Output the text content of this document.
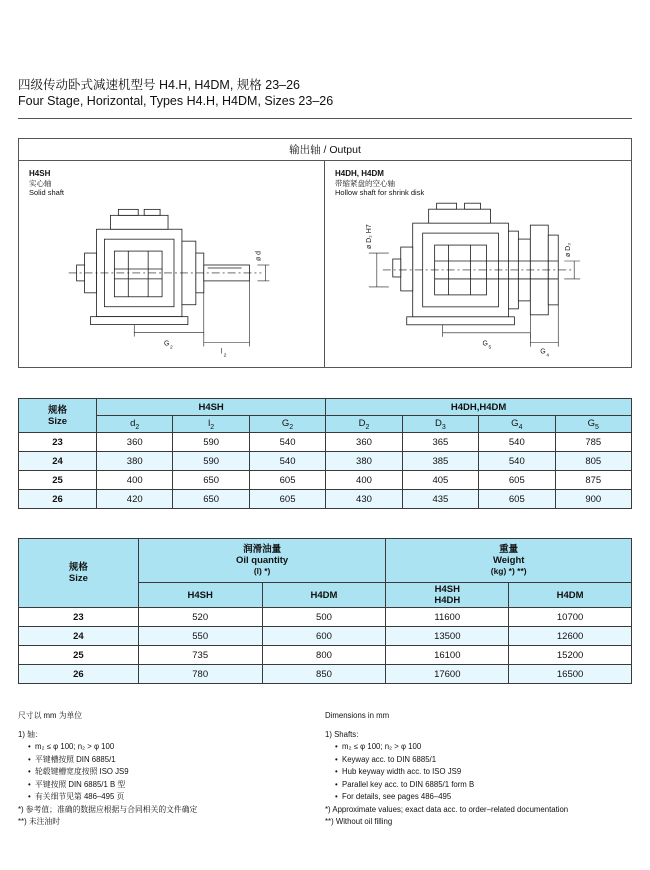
四级传动卧式减速机型号 H4.H, H4DM, 规格 23–26
Four Stage, Horizontal, Types H4.H, H4DM, Sizes 23–26
输出轴 / Output
H4SH
实心轴
Solid shaft
G
2
l
2
ø d
H4DH, H4DM
带缩紧盘的空心轴
Hollow shaft for shrink disk
G 5
G 4
ø D₂ H7
ø D₃
规格
Size	H4SH			H4DH,H4DM			
	$d_2$	$l_2$	$G_2$	$D_2$	$D_3$	$G_4$	$G_5$
23	360	590	540	360	365	540	785
24	380	590	540	380	385	540	805
25	400	650	605	400	405	605	875
26	420	650	605	430	435	605	900
规格
Size	润滑油量
Oil quantity
(l) *)		重量
Weight
(kg) *) **)	

	H4SH	H4DM	H4SH
H4DH	H4DM
23	520	500	11600	10700
24	550	600	13500	12600
25	735	800	16100	15200
26	780	850	17600	16500

尺寸以 mm 为单位

1) 轴：

• m₂ ≤ φ 100; n₂ > φ 100
• 平键槽按照 DIN 6885/1
• 轮毂键槽宽度按照 ISO JS9
• 平键按照 DIN 6885/1 B 型
• 有关细节见第 486–495 页

*) 参考值；准确的数据应根据与合同相关的文件确定

**) 未注油时

Dimensions in mm

1) Shafts:

• m₂ ≤ φ 100; n₂ > φ 100
• Keyway acc. to DIN 6885/1
• Hub keyway width acc. to ISO JS9
• Parallel key acc. to DIN 6885/1 form B
• For details, see pages 486–495

*) Approximate values; exact data acc. to order–related documentation

**) Without oil filling
